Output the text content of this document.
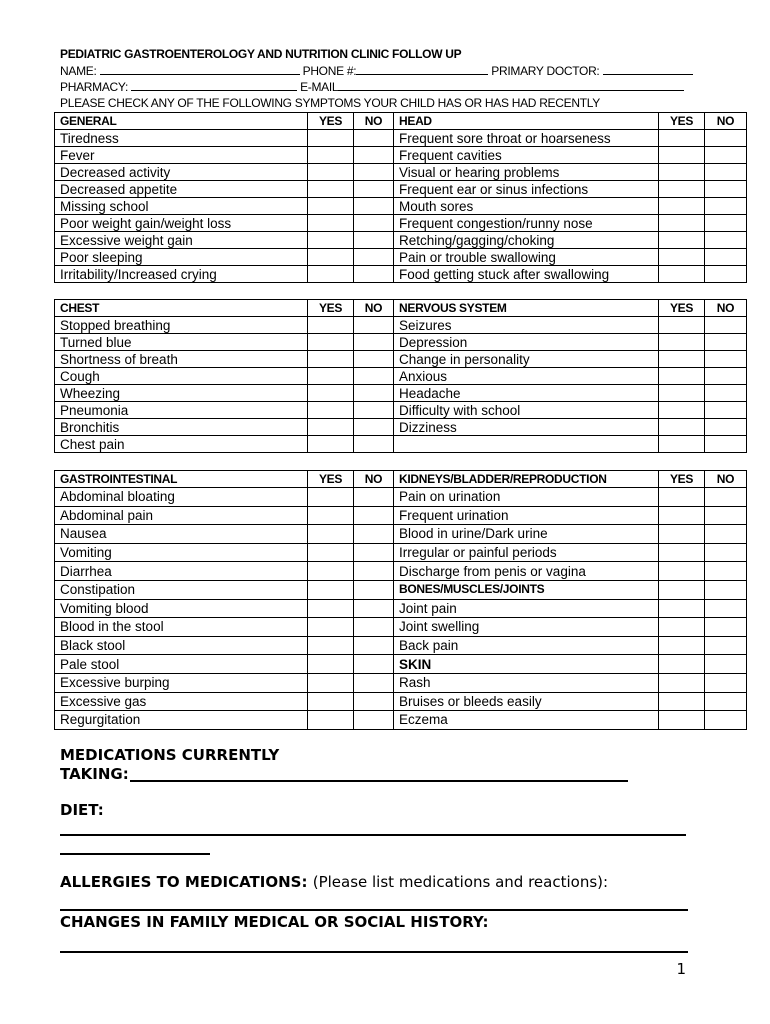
PEDIATRIC GASTROENTEROLOGY AND NUTRITION CLINIC FOLLOW UP
NAME:	PHONE #:	PRIMARY DOCTOR:
PHARMACY:	E-MAIL
PLEASE CHECK ANY OF THE FOLLOWING SYMPTOMS YOUR CHILD HAS OR HAS HAD RECENTLY
GENERAL	YES	NO	HEAD	YES	NO
Tiredness			Frequent sore throat or hoarseness		
Fever			Frequent cavities		
Decreased activity			Visual or hearing problems		
Decreased appetite			Frequent ear or sinus infections		
Missing school			Mouth sores		
Poor weight gain/weight loss			Frequent congestion/runny nose		
Excessive weight gain			Retching/gagging/choking		
Poor sleeping			Pain or trouble swallowing		
Irritability/Increased crying			Food getting stuck after swallowing		
CHEST	YES	NO	NERVOUS SYSTEM	YES	NO
Stopped breathing			Seizures		
Turned blue			Depression		
Shortness of breath			Change in personality		
Cough			Anxious		
Wheezing			Headache		
Pneumonia			Difficulty with school		
Bronchitis			Dizziness		
Chest pain					
GASTROINTESTINAL	YES	NO	KIDNEYS/BLADDER/REPRODUCTION	YES	NO
Abdominal bloating			Pain on urination		
Abdominal pain			Frequent urination		
Nausea			Blood in urine/Dark urine		
Vomiting			Irregular or painful periods		
Diarrhea			Discharge from penis or vagina		
Constipation			BONES/MUSCLES/JOINTS		
Vomiting blood			Joint pain		
Blood in the stool			Joint swelling		
Black stool			Back pain		
Pale stool			SKIN		
Excessive burping			Rash		
Excessive gas			Bruises or bleeds easily		
Regurgitation			Eczema		
MEDICATIONS CURRENTLY
TAKING:
DIET:
ALLERGIES TO MEDICATIONS: (Please list medications and reactions):
CHANGES IN FAMILY MEDICAL OR SOCIAL HISTORY:
1
